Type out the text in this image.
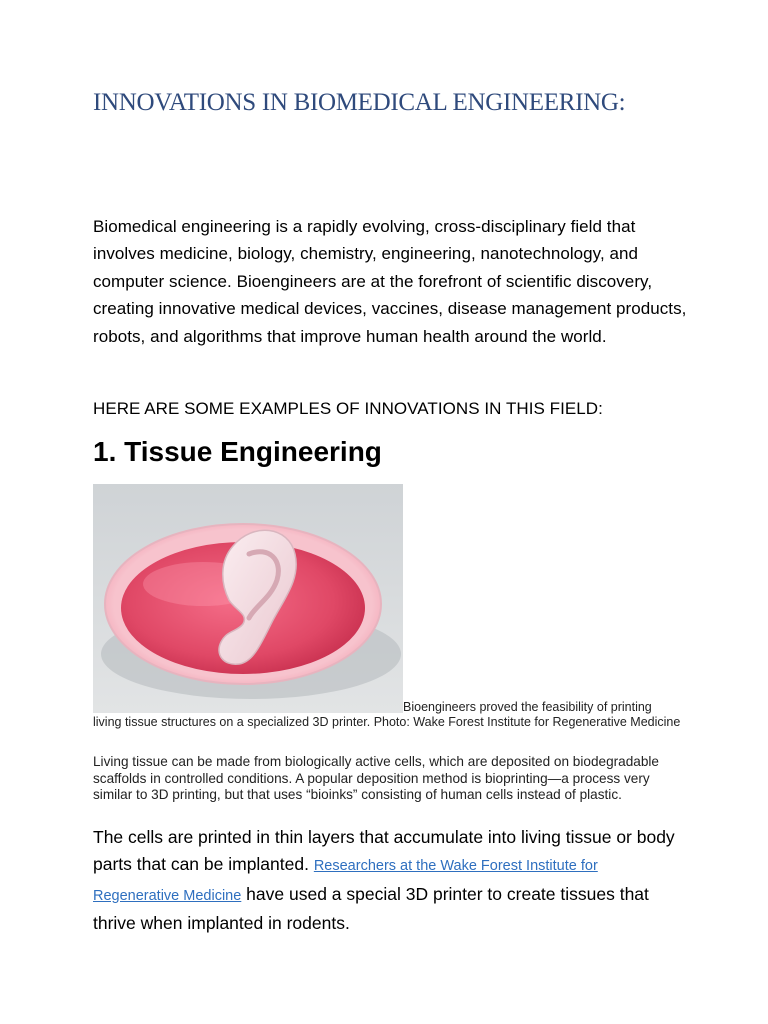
INNOVATIONS IN BIOMEDICAL ENGINEERING:

Biomedical engineering is a rapidly evolving, cross-disciplinary field that involves medicine, biology, chemistry, engineering, nanotechnology, and computer science. Bioengineers are at the forefront of scientific discovery, creating innovative medical devices, vaccines, disease management products, robots, and algorithms that improve human health around the world.

HERE ARE SOME EXAMPLES OF INNOVATIONS IN THIS FIELD:

1. Tissue Engineering

Bioengineers proved the feasibility of printing living tissue structures on a specialized 3D printer. Photo: Wake Forest Institute for Regenerative Medicine

Living tissue can be made from biologically active cells, which are deposited on biodegradable scaffolds in controlled conditions. A popular deposition method is bioprinting—a process very similar to 3D printing, but that uses “bioinks” consisting of human cells instead of plastic.

The cells are printed in thin layers that accumulate into living tissue or body parts that can be implanted. Researchers at the Wake Forest Institute for Regenerative Medicine have used a special 3D printer to create tissues that thrive when implanted in rodents.
